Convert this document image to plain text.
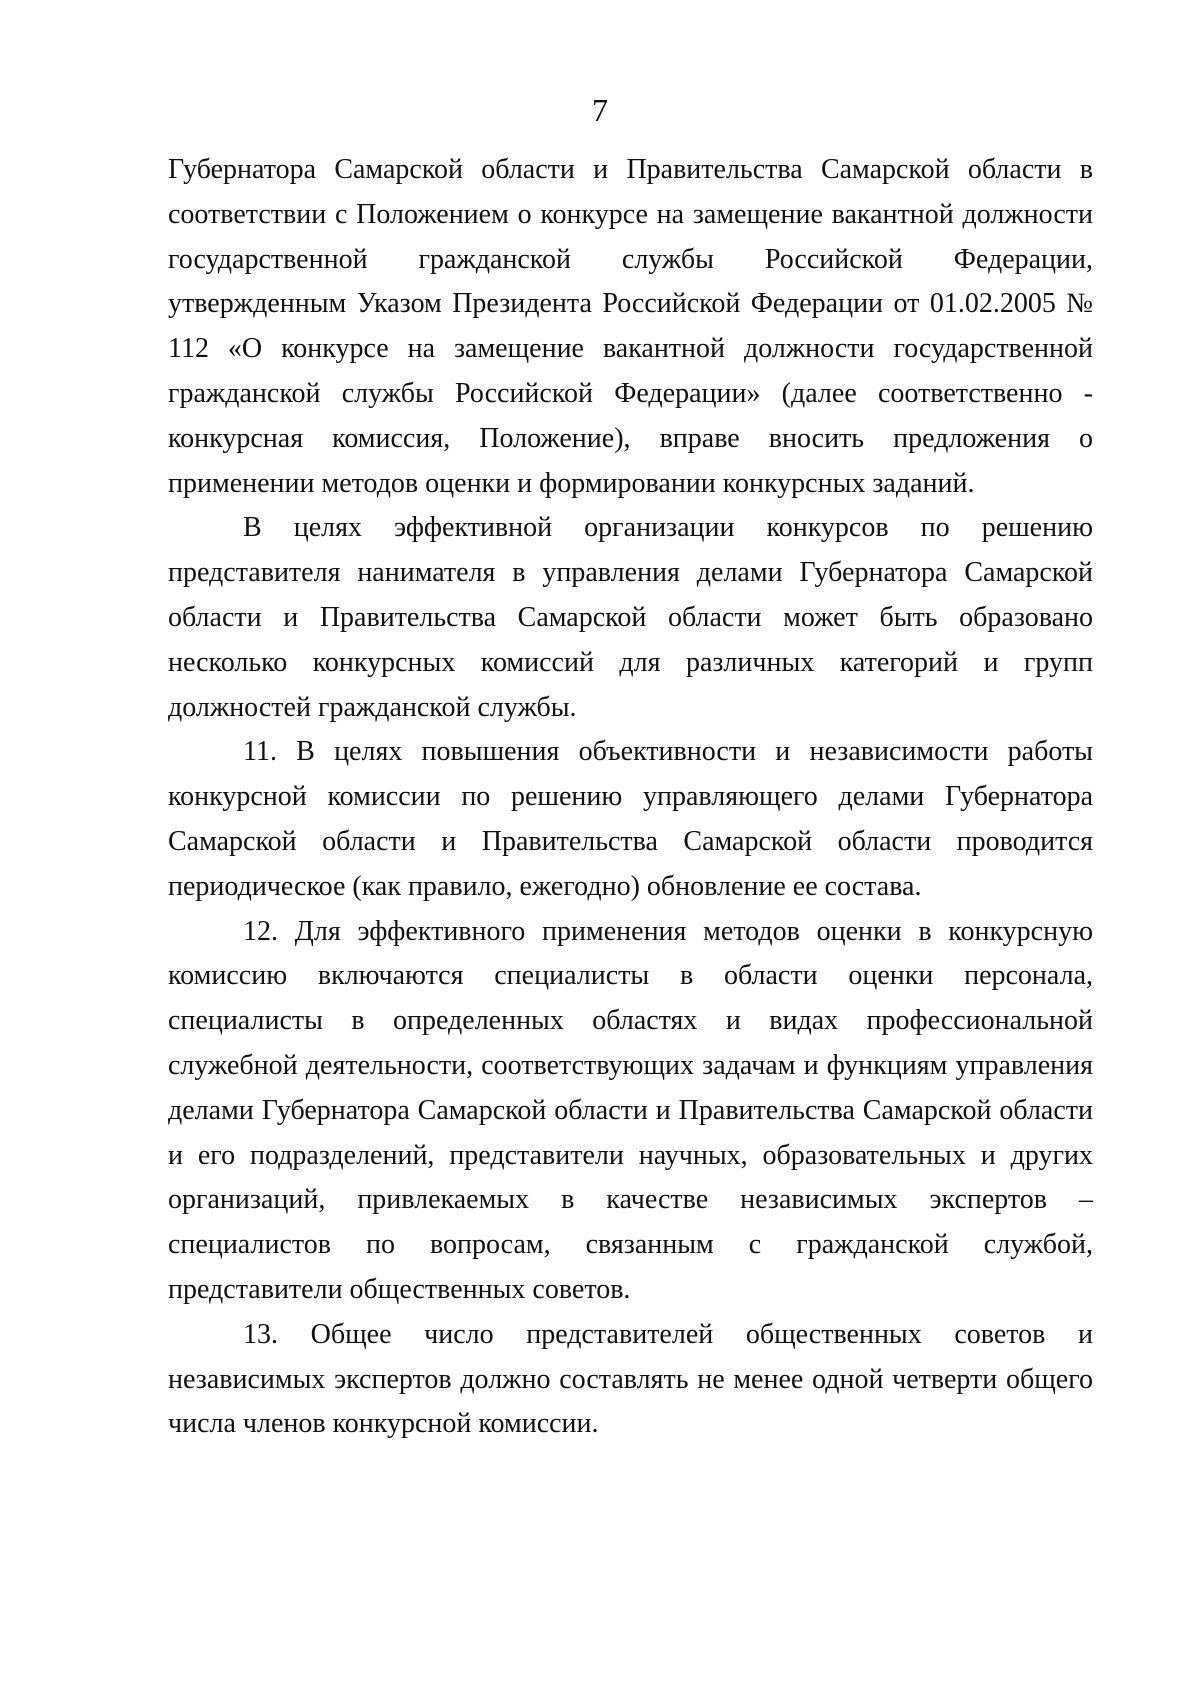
7

Губернатора Самарской области и Правительства Самарской области в соответствии с Положением о конкурсе на замещение вакантной должности государственной гражданской службы Российской Федерации, утвержденным Указом Президента Российской Федерации от 01.02.2005 № 112 «О конкурсе на замещение вакантной должности государственной гражданской службы Российской Федерации» (далее соответственно - конкурсная комиссия, Положение), вправе вносить предложения о применении методов оценки и формировании конкурсных заданий.

В целях эффективной организации конкурсов по решению представителя нанимателя в управления делами Губернатора Самарской области и Правительства Самарской области может быть образовано несколько конкурсных комиссий для различных категорий и групп должностей гражданской службы.

11. В целях повышения объективности и независимости работы конкурсной комиссии по решению управляющего делами Губернатора Самарской области и Правительства Самарской области проводится периодическое (как правило, ежегодно) обновление ее состава.

12. Для эффективного применения методов оценки в конкурсную комиссию включаются специалисты в области оценки персонала, специалисты в определенных областях и видах профессиональной служебной деятельности, соответствующих задачам и функциям управления делами Губернатора Самарской области и Правительства Самарской области и его подразделений, представители научных, образовательных и других организаций, привлекаемых в качестве независимых экспертов – специалистов по вопросам, связанным с гражданской службой, представители общественных советов.

13. Общее число представителей общественных советов и независимых экспертов должно составлять не менее одной четверти общего числа членов конкурсной комиссии.
